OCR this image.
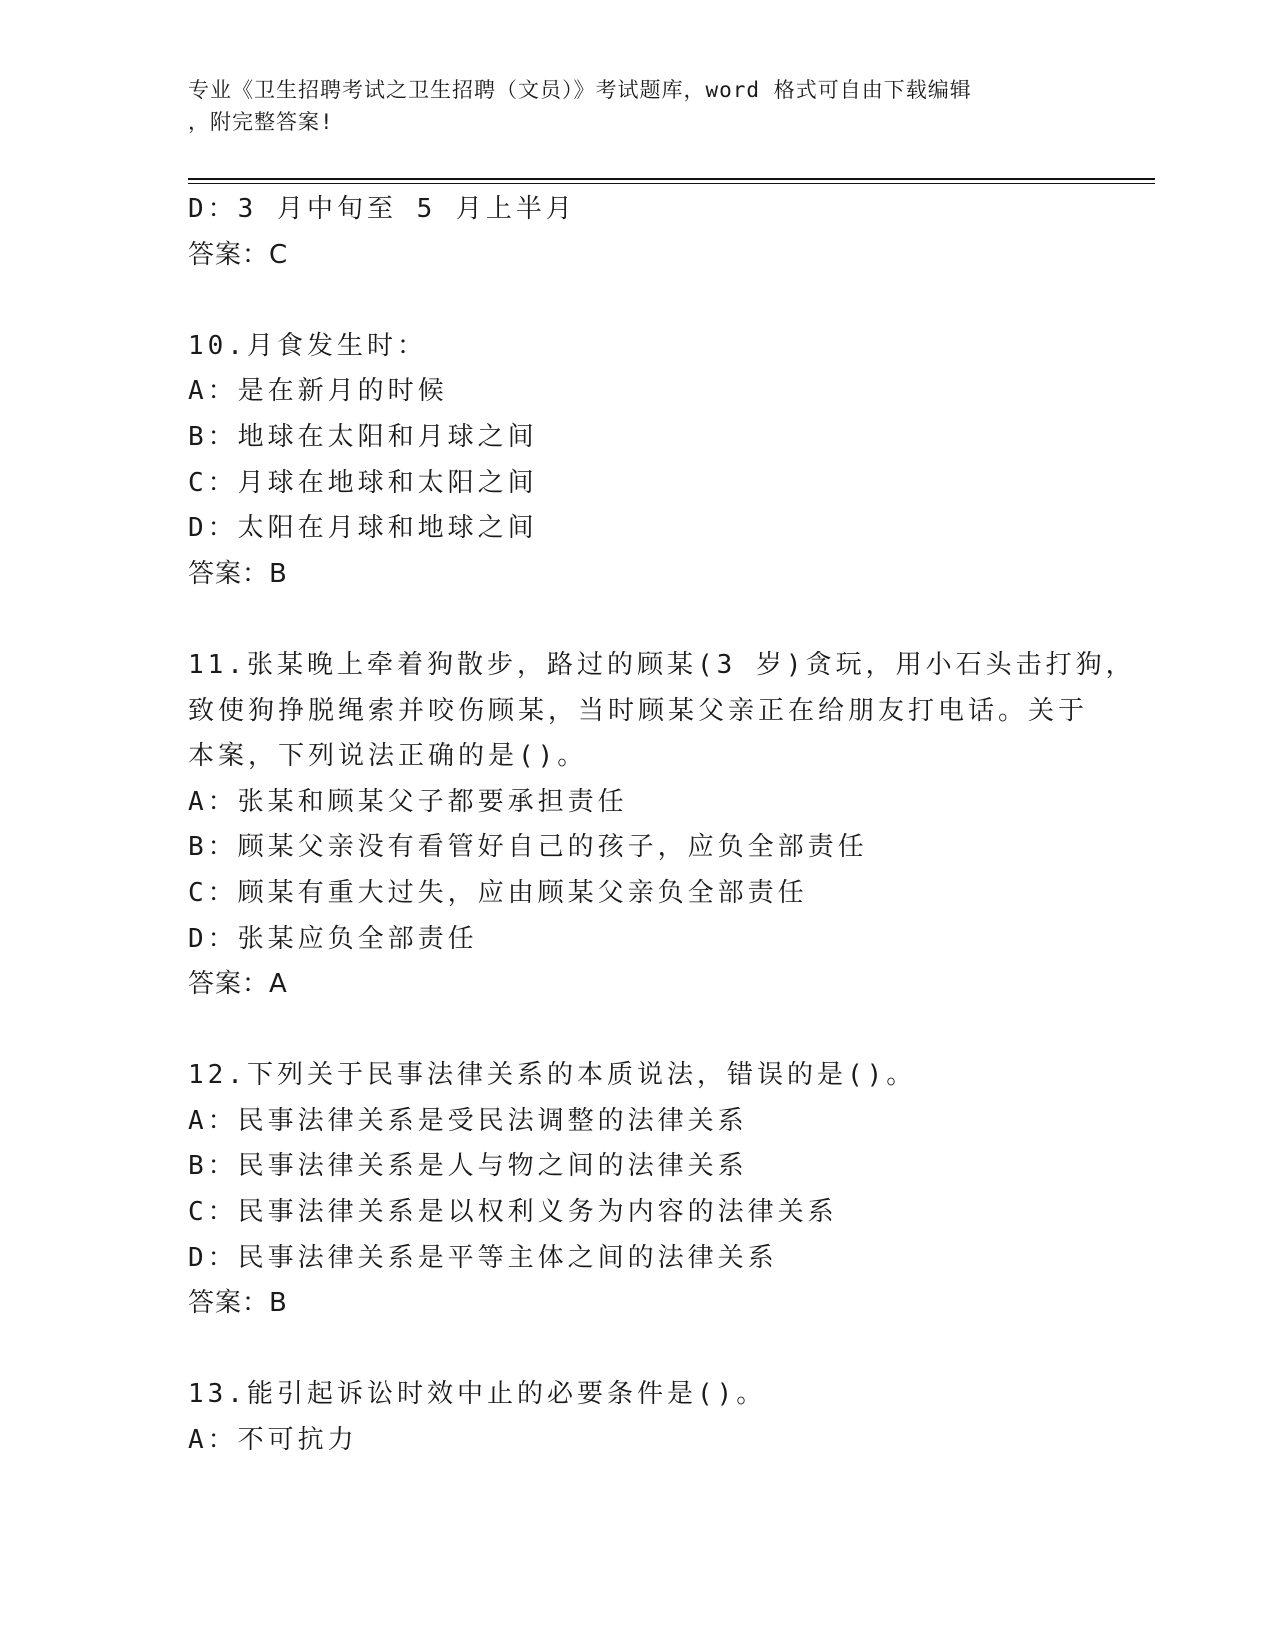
专业《卫生招聘考试之卫生招聘（文员）》考试题库，word 格式可自由下载编辑
，附完整答案!
D：3 月中旬至 5 月上半月
答案：C
10.月食发生时：
A：是在新月的时候
B：地球在太阳和月球之间
C：月球在地球和太阳之间
D：太阳在月球和地球之间
答案：B
11.张某晚上牵着狗散步，路过的顾某(3 岁)贪玩，用小石头击打狗，
致使狗挣脱绳索并咬伤顾某，当时顾某父亲正在给朋友打电话。关于
本案，下列说法正确的是()。
A：张某和顾某父子都要承担责任
B：顾某父亲没有看管好自己的孩子，应负全部责任
C：顾某有重大过失，应由顾某父亲负全部责任
D：张某应负全部责任
答案：A
12.下列关于民事法律关系的本质说法，错误的是()。
A：民事法律关系是受民法调整的法律关系
B：民事法律关系是人与物之间的法律关系
C：民事法律关系是以权利义务为内容的法律关系
D：民事法律关系是平等主体之间的法律关系
答案：B
13.能引起诉讼时效中止的必要条件是()。
A：不可抗力
